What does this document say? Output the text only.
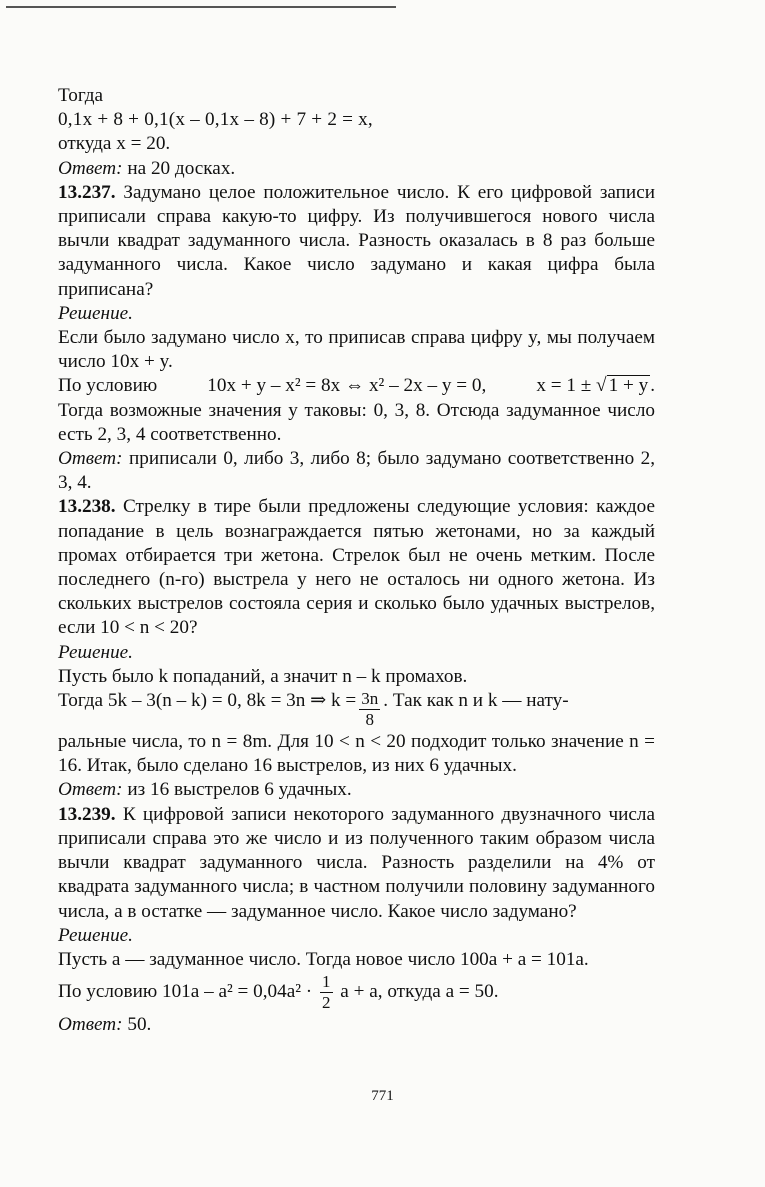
Тогда

0,1x + 8 + 0,1(x – 0,1x – 8) + 7 + 2 = x,

откуда x = 20.

Ответ: на 20 досках.

13.237. Задумано целое положительное число. К его цифровой записи приписали справа какую-то цифру. Из получившегося нового числа вычли квадрат задуманного числа. Разность оказалась в 8 раз больше задуманного числа. Какое число задумано и какая цифра была приписана?

Решение.

Если было задумано число x, то приписав справа цифру y, мы получаем число 10x + y.

По условию	10x + y – x² = 8x ⇔ x² – 2x – y = 0,	x = 1 ± √ 1 + y .

Тогда возможные значения y таковы: 0, 3, 8. Отсюда задуманное число есть 2, 3, 4 соответственно.

Ответ: приписали 0, либо 3, либо 8; было задумано соответственно 2, 3, 4.

13.238. Стрелку в тире были предложены следующие условия: каждое попадание в цель вознаграждается пятью жетонами, но за каждый промах отбирается три жетона. Стрелок был не очень метким. После последнего (n-го) выстрела у него не осталось ни одного жетона. Из скольких выстрелов состояла серия и сколько было удачных выстрелов, если 10 < n < 20?

Решение.

Пусть было k попаданий, а значит n – k промахов.

Тогда 5k – 3(n – k) = 0, 8k = 3n ⇒ $k = \frac{3n}{8}$ . Так как n и k — нату-

ральные числа, то n = 8m. Для 10 < n < 20 подходит только значение n = 16. Итак, было сделано 16 выстрелов, из них 6 удачных.

Ответ: из 16 выстрелов 6 удачных.

13.239. К цифровой записи некоторого задуманного двузначного числа приписали справа это же число и из полученного таким образом числа вычли квадрат задуманного числа. Разность разделили на 4% от квадрата задуманного числа; в частном получили половину задуманного числа, а в остатке — задуманное число. Какое число задумано?

Решение.

Пусть a — задуманное число. Тогда новое число 100a + a = 101a.

По условию $101a - a^2 = 0,04a^2 \cdot \frac{1}{2}$ a + a, откуда a = 50.

Ответ: 50.

771
